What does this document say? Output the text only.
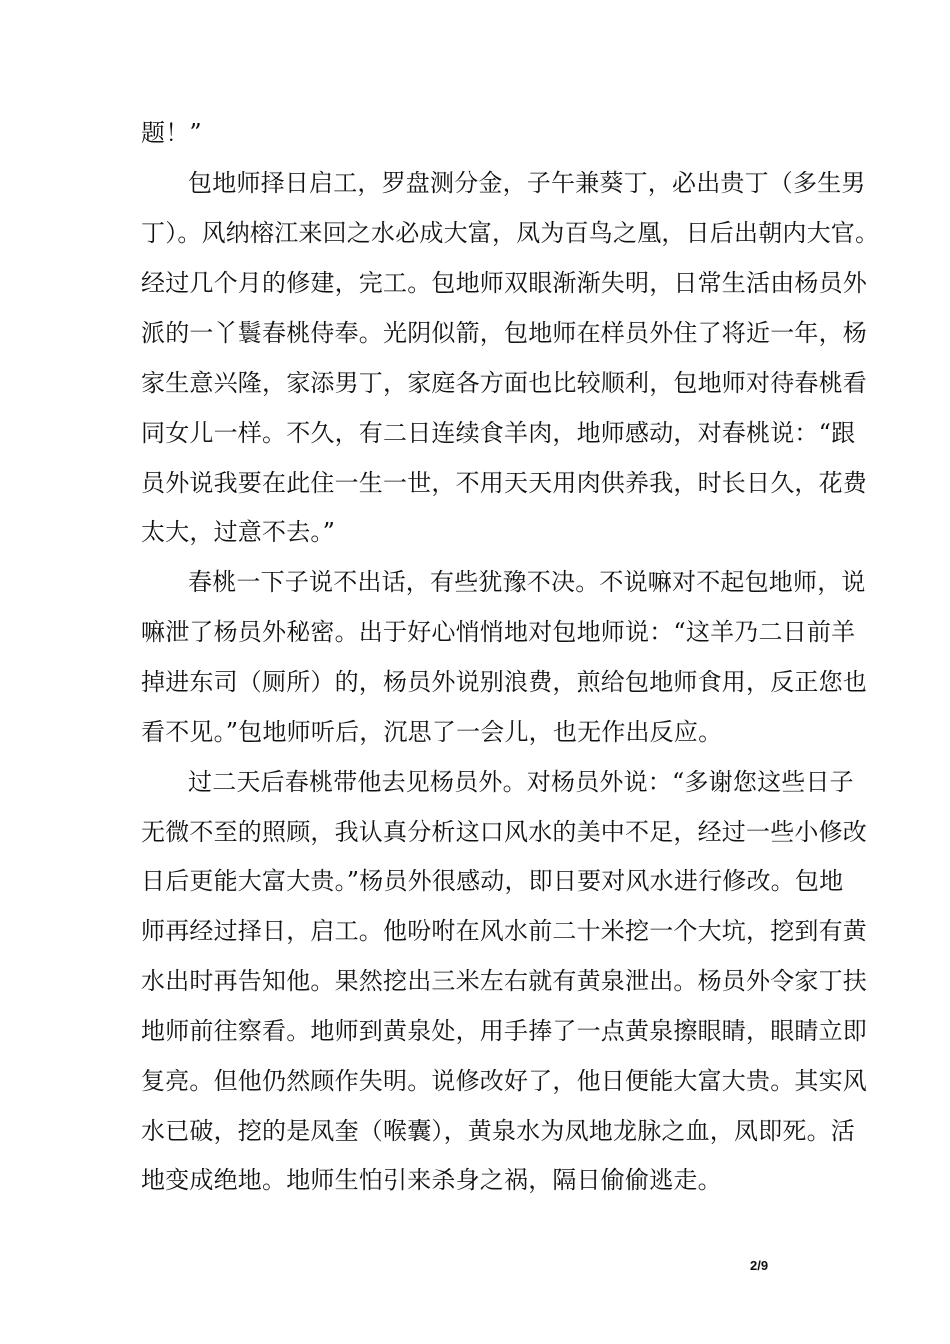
题！”
包地师择日启工，罗盘测分金，子午兼葵丁，必出贵丁（多生男
丁）。风纳榕江来回之水必成大富，凤为百鸟之凰，日后出朝内大官。
经过几个月的修建，完工。包地师双眼渐渐失明，日常生活由杨员外
派的一丫鬟春桃侍奉。光阴似箭，包地师在样员外住了将近一年，杨
家生意兴隆，家添男丁，家庭各方面也比较顺利，包地师对待春桃看
同女儿一样。不久，有二日连续食羊肉，地师感动，对春桃说：“跟
员外说我要在此住一生一世，不用天天用肉供养我，时长日久，花费
太大，过意不去。”
春桃一下子说不出话，有些犹豫不决。不说嘛对不起包地师，说
嘛泄了杨员外秘密。出于好心悄悄地对包地师说：“这羊乃二日前羊
掉进东司（厕所）的，杨员外说别浪费，煎给包地师食用，反正您也
看不见。”包地师听后，沉思了一会儿，也无作出反应。
过二天后春桃带他去见杨员外。对杨员外说：“多谢您这些日子
无微不至的照顾，我认真分析这口风水的美中不足，经过一些小修改
日后更能大富大贵。”杨员外很感动，即日要对风水进行修改。包地
师再经过择日，启工。他吩咐在风水前二十米挖一个大坑，挖到有黄
水出时再告知他。果然挖出三米左右就有黄泉泄出。杨员外令家丁扶
地师前往察看。地师到黄泉处，用手捧了一点黄泉擦眼睛，眼睛立即
复亮。但他仍然顾作失明。说修改好了，他日便能大富大贵。其实风
水已破，挖的是凤奎（喉囊），黄泉水为凤地龙脉之血，凤即死。活
地变成绝地。地师生怕引来杀身之祸，隔日偷偷逃走。
2/9
